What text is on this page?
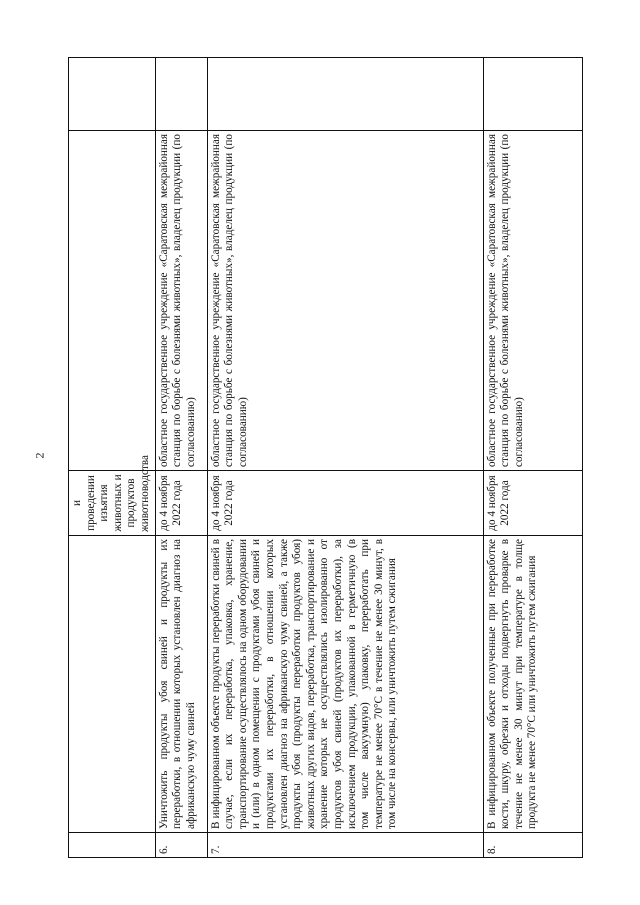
2
		и проведении изъятия животных и продуктов животноводства		
6.	Уничтожить продукты убоя свиней и продукты их переработки, в отношении которых установлен диагноз на африканскую чуму свиней	до 4 ноября 2022 года	областное государственное учреждение «Саратовская межрайонная станция по борьбе с болезнями животных», владелец продукции (по согласованию)	
7.	В инфицированном объекте продукты переработки свиней в случае, если их переработка, упаковка, хранение, транспортирование осуществлялось на одном оборудовании и (или) в одном помещении с продуктами убоя свиней и продуктами их переработки, в отношении которых установлен диагноз на африканскую чуму свиней, а также продукты убоя (продукты переработки продуктов убоя) животных других видов, переработка, транспортирование и хранение которых не осуществлялись изолированно от продуктов убоя свиней (продуктов их переработки), за исключением продукции, упакованной в герметичную (в том числе вакуумную) упаковку, переработать при температуре не менее 70°С в течение не менее 30 минут, в том числе на консервы, или уничтожить путем сжигания	до 4 ноября 2022 года	областное государственное учреждение «Саратовская межрайонная станция по борьбе с болезнями животных», владелец продукции (по согласованию)	
8.	В инфицированном объекте полученные при переработке кости, шкуру, обрезки и отходы подвергнуть проварке в течение не менее 30 минут при температуре в толще продукта не менее 70°С или уничтожить путем сжигания	до 4 ноября 2022 года	областное государственное учреждение «Саратовская межрайонная станция по борьбе с болезнями животных», владелец продукции (по согласованию)	
